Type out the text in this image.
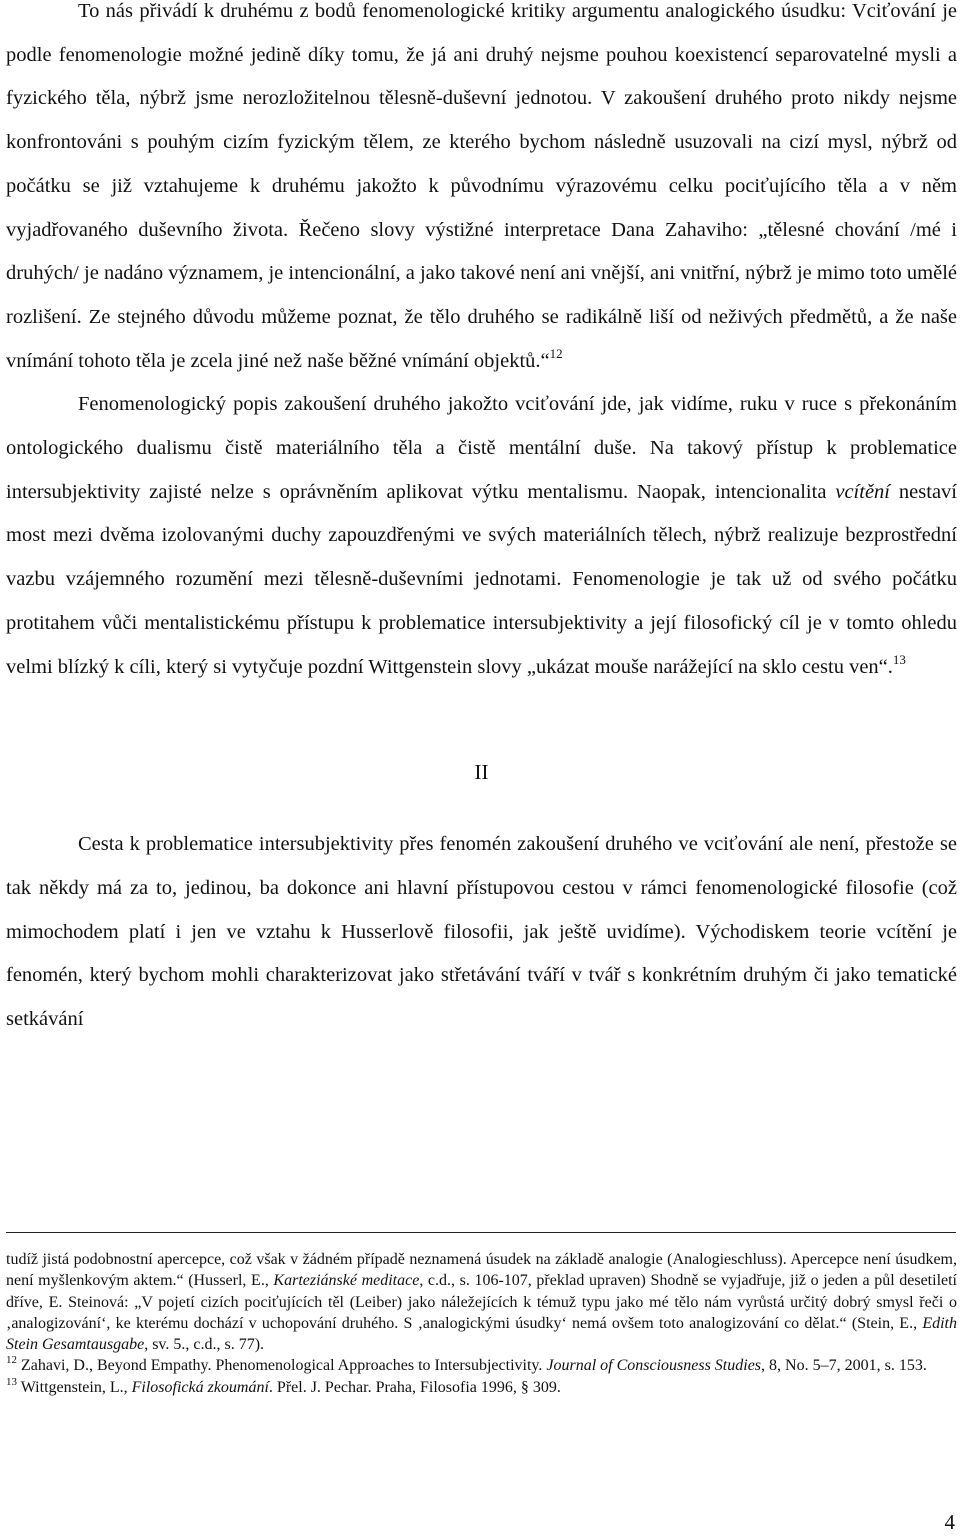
To nás přivádí k druhému z bodů fenomenologické kritiky argumentu analogického úsudku: Vciťování je podle fenomenologie možné jedině díky tomu, že já ani druhý nejsme pouhou koexistencí separovatelné mysli a fyzického těla, nýbrž jsme nerozložitelnou tělesně-duševní jednotou. V zakoušení druhého proto nikdy nejsme konfrontováni s pouhým cizím fyzickým tělem, ze kterého bychom následně usuzovali na cizí mysl, nýbrž od počátku se již vztahujeme k druhému jakožto k původnímu výrazovému celku pociťujícího těla a v něm vyjadřovaného duševního života. Řečeno slovy výstižné interpretace Dana Zahaviho: „tělesné chování /mé i druhých/ je nadáno významem, je intencionální, a jako takové není ani vnější, ani vnitřní, nýbrž je mimo toto umělé rozlišení. Ze stejného důvodu můžeme poznat, že tělo druhého se radikálně liší od neživých předmětů, a že naše vnímání tohoto těla je zcela jiné než naše běžné vnímání objektů.“$^{12}$

Fenomenologický popis zakoušení druhého jakožto vciťování jde, jak vidíme, ruku v ruce s překonáním ontologického dualismu čistě materiálního těla a čistě mentální duše. Na takový přístup k problematice intersubjektivity zajisté nelze s oprávněním aplikovat výtku mentalismu. Naopak, intencionalita vcítění nestaví most mezi dvěma izolovanými duchy zapouzdřenými ve svých materiálních tělech, nýbrž realizuje bezprostřední vazbu vzájemného rozumění mezi tělesně-duševními jednotami. Fenomenologie je tak už od svého počátku protitahem vůči mentalistickému přístupu k problematice intersubjektivity a její filosofický cíl je v tomto ohledu velmi blízký k cíli, který si vytyčuje pozdní Wittgenstein slovy „ukázat mouše narážející na sklo cestu ven“.$^{13}$

II

Cesta k problematice intersubjektivity přes fenomén zakoušení druhého ve vciťování ale není, přestože se tak někdy má za to, jedinou, ba dokonce ani hlavní přístupovou cestou v rámci fenomenologické filosofie (což mimochodem platí i jen ve vztahu k Husserlově filosofii, jak ještě uvidíme). Východiskem teorie vcítění je fenomén, který bychom mohli charakterizovat jako střetávání tváří v tvář s konkrétním druhým či jako tematické setkávání

tudíž jistá podobnostní apercepce, což však v žádném případě neznamená úsudek na základě analogie (Analogieschluss). Apercepce není úsudkem, není myšlenkovým aktem.“ (Husserl, E., Karteziánské meditace, c.d., s. 106-107, překlad upraven) Shodně se vyjadřuje, již o jeden a půl desetiletí dříve, E. Steinová: „V pojetí cizích pociťujících těl (Leiber) jako náležejících k témuž typu jako mé tělo nám vyrůstá určitý dobrý smysl řeči o ‚analogizování‘, ke kterému dochází v uchopování druhého. S ‚analogickými úsudky‘ nemá ovšem toto analogizování co dělat.“ (Stein, E., Edith Stein Gesamtausgabe, sv. 5., c.d., s. 77).

$^{12}$ Zahavi, D., Beyond Empathy. Phenomenological Approaches to Intersubjectivity. Journal of Consciousness Studies, 8, No. 5–7, 2001, s. 153.

$^{13}$ Wittgenstein, L., Filosofická zkoumání. Přel. J. Pechar. Praha, Filosofia 1996, § 309.

4
